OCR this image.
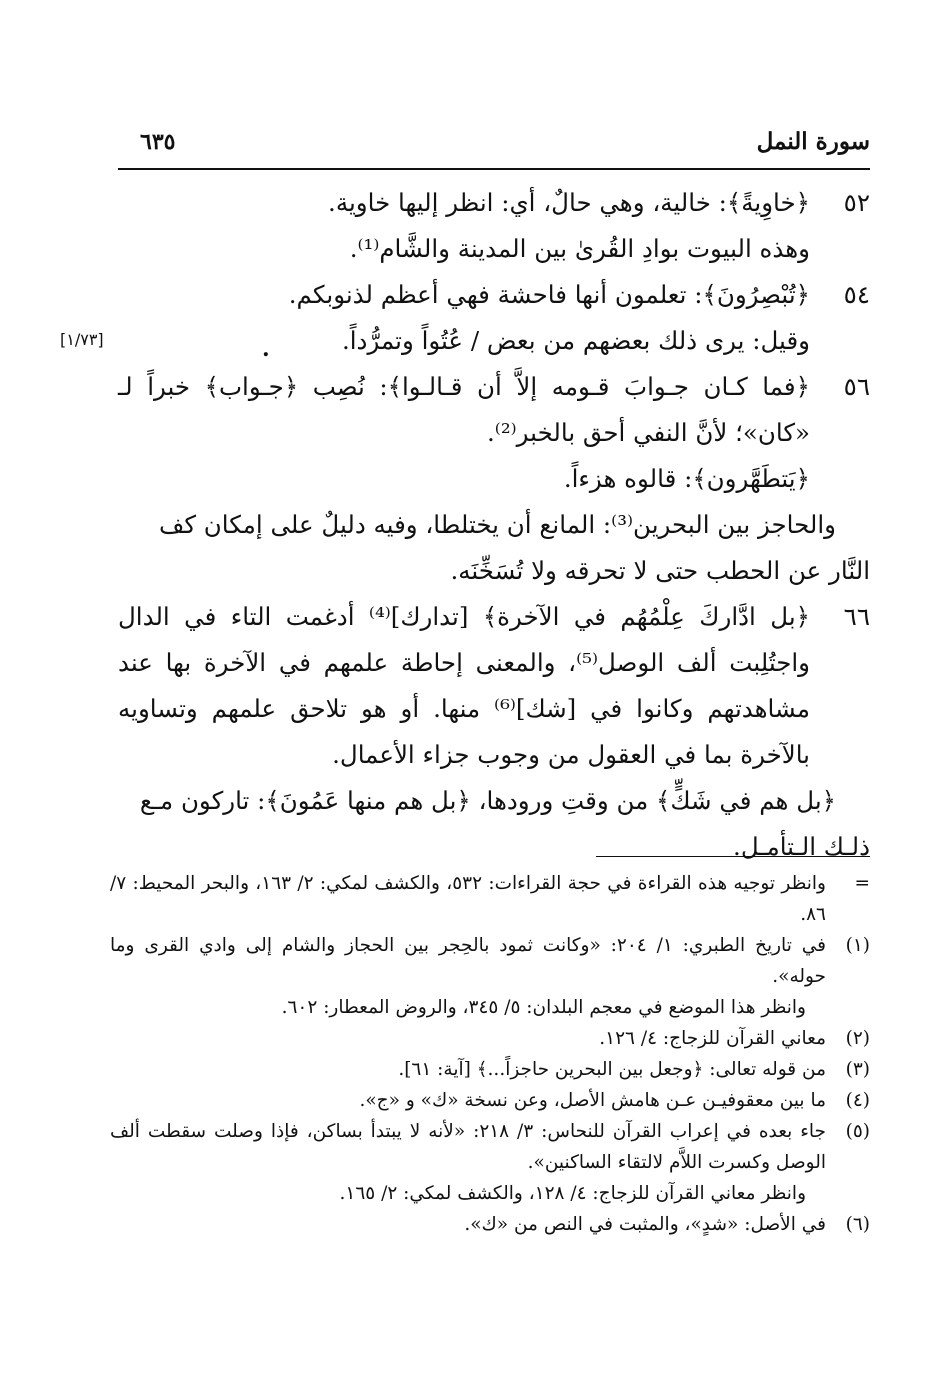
سورة النمل
٦٣٥
[١/٧٣]	.
٥٢

﴿خاوِيةً﴾: خالية، وهي حالٌ، أي: انظر إليها خاوية.

وهذه البيوت بوادِ القُرىٰ بين المدينة والشَّام⁽¹⁾.

٥٤

﴿تُبْصِرُونَ﴾: تعلمون أنها فاحشة فهي أعظم لذنوبكم.

وقيل: يرى ذلك بعضهم من بعض / عُتُواً وتمرُّداً.

٥٦

﴿فما كـان جـوابَ قـومه إلاَّ أن قـالـوا﴾: نُصِب ﴿جـواب﴾ خبراً لـ «كان»؛ لأنَّ النفي أحق بالخبر⁽²⁾.

﴿يَتطَهَّرون﴾: قالوه هزءاً.

والحاجز بين البحرين⁽³⁾: المانع أن يختلطا، وفيه دليلٌ على إمكان كف النَّار عن الحطب حتى لا تحرقه ولا تُسَخِّنَه.

٦٦

﴿بل ادَّاركَ عِلْمُهُم في الآخرة﴾ [تدارك]⁽⁴⁾ أدغمت التاء في الدال واجتُلِبت ألف الوصل⁽⁵⁾، والمعنى إحاطة علمهم في الآخرة بها عند مشاهدتهم وكانوا في [شك]⁽⁶⁾ منها. أو هو تلاحق علمهم وتساويه بالآخرة بما في العقول من وجوب جزاء الأعمال.

﴿بل هم في شَكٍّ﴾ من وقتِ ورودها، ﴿بل هم منها عَمُونَ﴾: تاركون مـع ذلـك الـتأمـل.

=
وانظر توجيه هذه القراءة في حجة القراءات: ٥٣٢، والكشف لمكي: ٢/ ١٦٣، والبحر المحيط: ٧/ ٨٦.
(١)
في تاريخ الطبري: ١/ ٢٠٤: «وكانت ثمود بالحِجر بين الحجاز والشام إلى وادي القرى وما حوله».
وانظر هذا الموضع في معجم البلدان: ٥/ ٣٤٥، والروض المعطار: ٦٠٢.
(٢)
معاني القرآن للزجاج: ٤/ ١٢٦.
(٣)
من قوله تعالى: ﴿وجعل بين البحرين حاجزاً...﴾ [آية: ٦١].
(٤)
ما بين معقوفيـن عـن هامش الأصل، وعن نسخة «ك» و «ج».
(٥)
جاء بعده في إعراب القرآن للنحاس: ٣/ ٢١٨: «لأنه لا يبتدأ بساكن، فإذا وصلت سقطت ألف الوصل وكسرت اللاَّم لالتقاء الساكنين».
وانظر معاني القرآن للزجاج: ٤/ ١٢٨، والكشف لمكي: ٢/ ١٦٥.
(٦)
في الأصل: «شدٍ»، والمثبت في النص من «ك».
